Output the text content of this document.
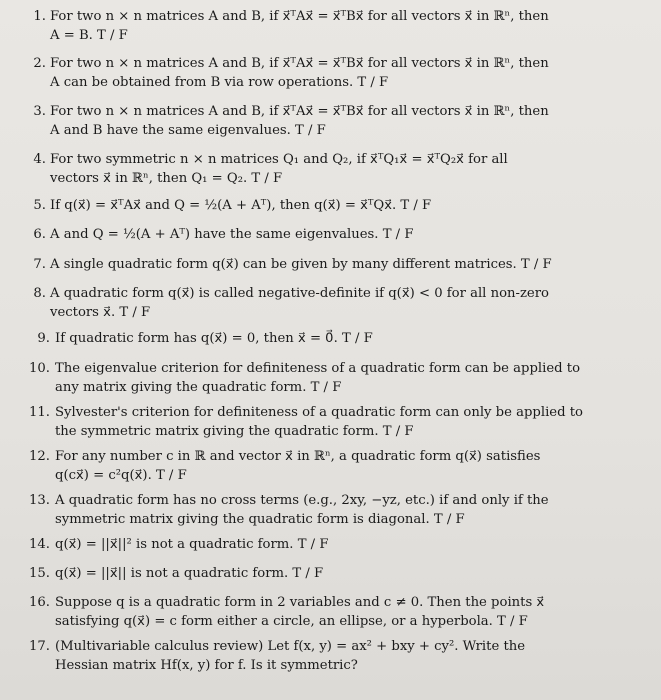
1. For two n × n matrices A and B, if x⃗ᵀAx⃗ = x⃗ᵀBx⃗ for all vectors x⃗ in ℝⁿ, then
A = B. T / F
2. For two n × n matrices A and B, if x⃗ᵀAx⃗ = x⃗ᵀBx⃗ for all vectors x⃗ in ℝⁿ, then
A can be obtained from B via row operations. T / F
3. For two n × n matrices A and B, if x⃗ᵀAx⃗ = x⃗ᵀBx⃗ for all vectors x⃗ in ℝⁿ, then
A and B have the same eigenvalues. T / F
4. For two symmetric n × n matrices Q₁ and Q₂, if x⃗ᵀQ₁x⃗ = x⃗ᵀQ₂x⃗ for all
vectors x⃗ in ℝⁿ, then Q₁ = Q₂. T / F
5. If q(x⃗) = x⃗ᵀAx⃗ and Q = ½(A + Aᵀ), then q(x⃗) = x⃗ᵀQx⃗. T / F
6. A and Q = ½(A + Aᵀ) have the same eigenvalues. T / F
7. A single quadratic form q(x⃗) can be given by many different matrices. T / F
8. A quadratic form q(x⃗) is called negative-definite if q(x⃗) < 0 for all non-zero
vectors x⃗. T / F
9. If quadratic form has q(x⃗) = 0, then x⃗ = 0⃗. T / F
10. The eigenvalue criterion for definiteness of a quadratic form can be applied to
any matrix giving the quadratic form. T / F
11. Sylvester's criterion for definiteness of a quadratic form can only be applied to
the symmetric matrix giving the quadratic form. T / F
12. For any number c in ℝ and vector x⃗ in ℝⁿ, a quadratic form q(x⃗) satisfies
q(cx⃗) = c²q(x⃗). T / F
13. A quadratic form has no cross terms (e.g., 2xy, −yz, etc.) if and only if the
symmetric matrix giving the quadratic form is diagonal. T / F
14. q(x⃗) = ||x⃗||² is not a quadratic form. T / F
15. q(x⃗) = ||x⃗|| is not a quadratic form. T / F
16. Suppose q is a quadratic form in 2 variables and c ≠ 0. Then the points x⃗
satisfying q(x⃗) = c form either a circle, an ellipse, or a hyperbola. T / F
17. (Multivariable calculus review) Let f(x, y) = ax² + bxy + cy². Write the
Hessian matrix Hf(x, y) for f. Is it symmetric?
